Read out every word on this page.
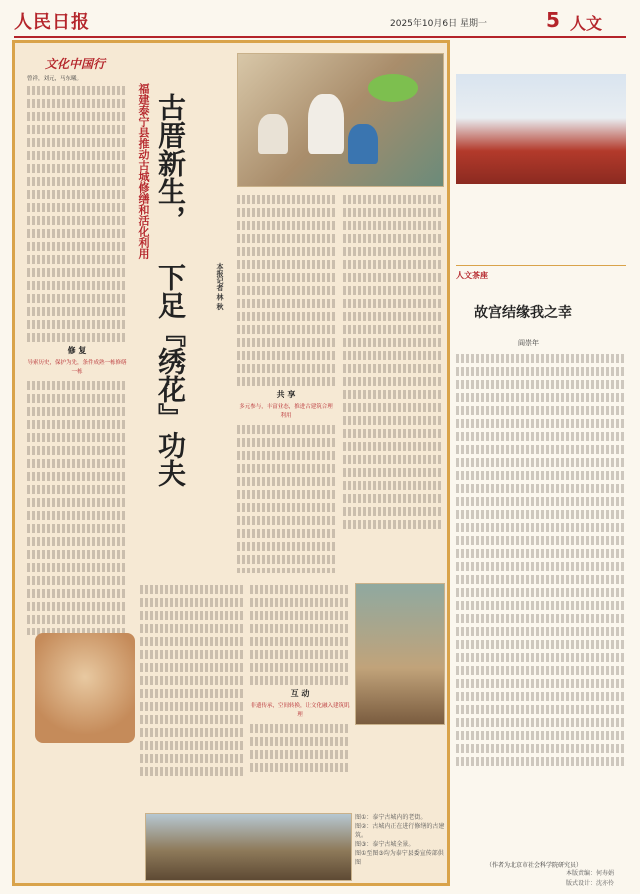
人民日报	2025年10月6日 星期一	5 人文
文化中国行
曾祥，刘元，马东曦。
修 复
导索历史，保护为先，条件成熟一栋修缮一栋
福建泰宁县推动古城修缮和活化利用 古厝新生，
下足『绣花』功夫	本报记者 林 秋
共 享
多元参与，丰富业态，推进古建筑合理利用
互 动
非遗传承，空间转换，让文化融入建筑肌理
图①：泰宁古城内的老街。
图②：古城内正在进行修缮的古建筑。
图③：泰宁古城全景。
图①至图③均为泰宁县委宣传部供图
人文茶座
故宫结缘我之幸
阎崇年
（作者为北京市社会科学院研究员）
本版责编：何寿娟
版式设计：沈亦伶
